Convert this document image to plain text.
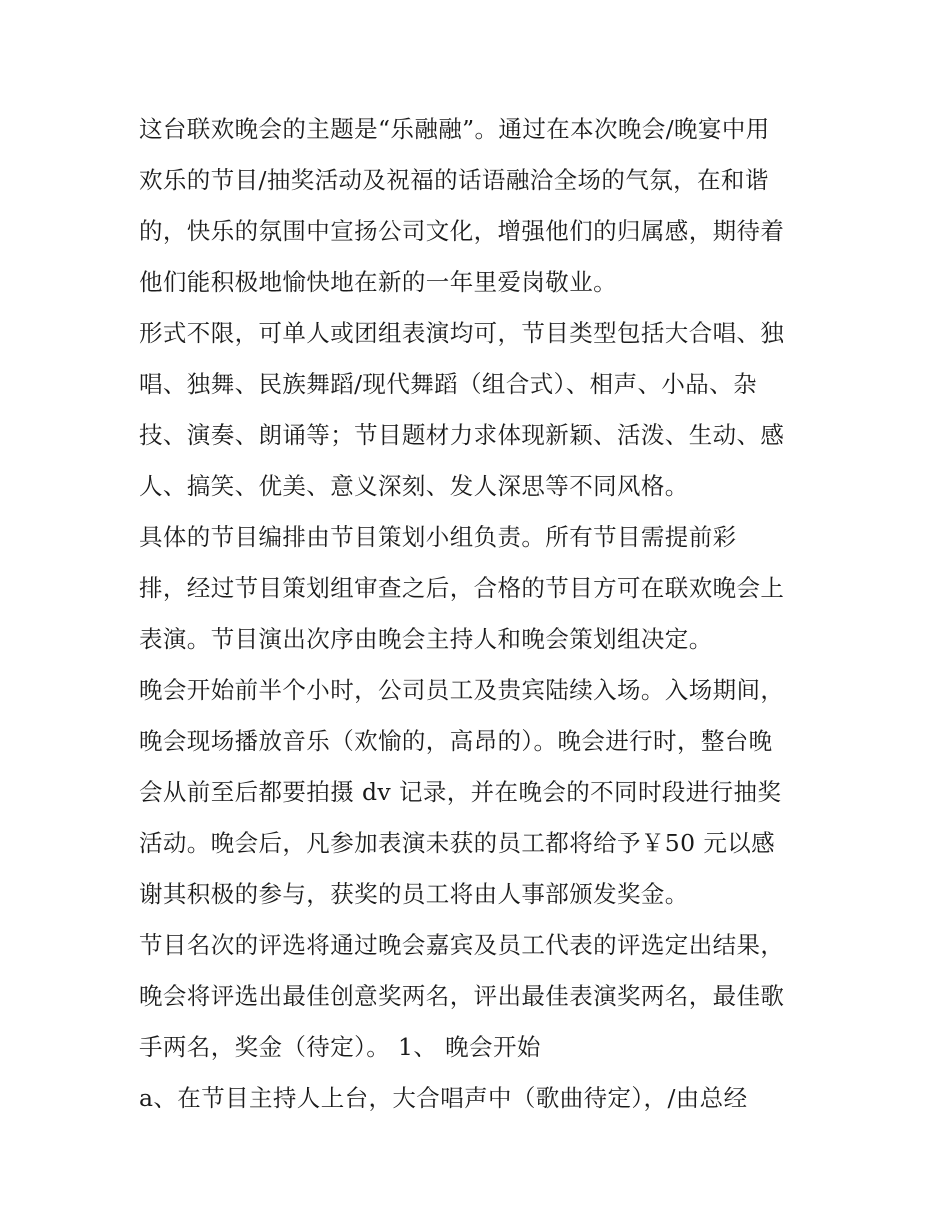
这台联欢晚会的主题是“乐融融”。通过在本次晚会/晚宴中用
欢乐的节目/抽奖活动及祝福的话语融洽全场的气氛，在和谐
的，快乐的氛围中宣扬公司文化，增强他们的归属感，期待着
他们能积极地愉快地在新的一年里爱岗敬业。
形式不限，可单人或团组表演均可，节目类型包括大合唱、独
唱、独舞、民族舞蹈/现代舞蹈（组合式）、相声、小品、杂
技、演奏、朗诵等；节目题材力求体现新颖、活泼、生动、感
人、搞笑、优美、意义深刻、发人深思等不同风格。
具体的节目编排由节目策划小组负责。所有节目需提前彩
排，经过节目策划组审查之后，合格的节目方可在联欢晚会上
表演。节目演出次序由晚会主持人和晚会策划组决定。
晚会开始前半个小时，公司员工及贵宾陆续入场。入场期间，
晚会现场播放音乐（欢愉的，高昂的）。晚会进行时，整台晚
会从前至后都要拍摄 dv 记录，并在晚会的不同时段进行抽奖
活动。晚会后，凡参加表演未获的员工都将给予￥50 元以感
谢其积极的参与，获奖的员工将由人事部颁发奖金。
节目名次的评选将通过晚会嘉宾及员工代表的评选定出结果，
晚会将评选出最佳创意奖两名，评出最佳表演奖两名，最佳歌
手两名，奖金（待定）。 1、 晚会开始
a、在节目主持人上台，大合唱声中（歌曲待定），/由总经
